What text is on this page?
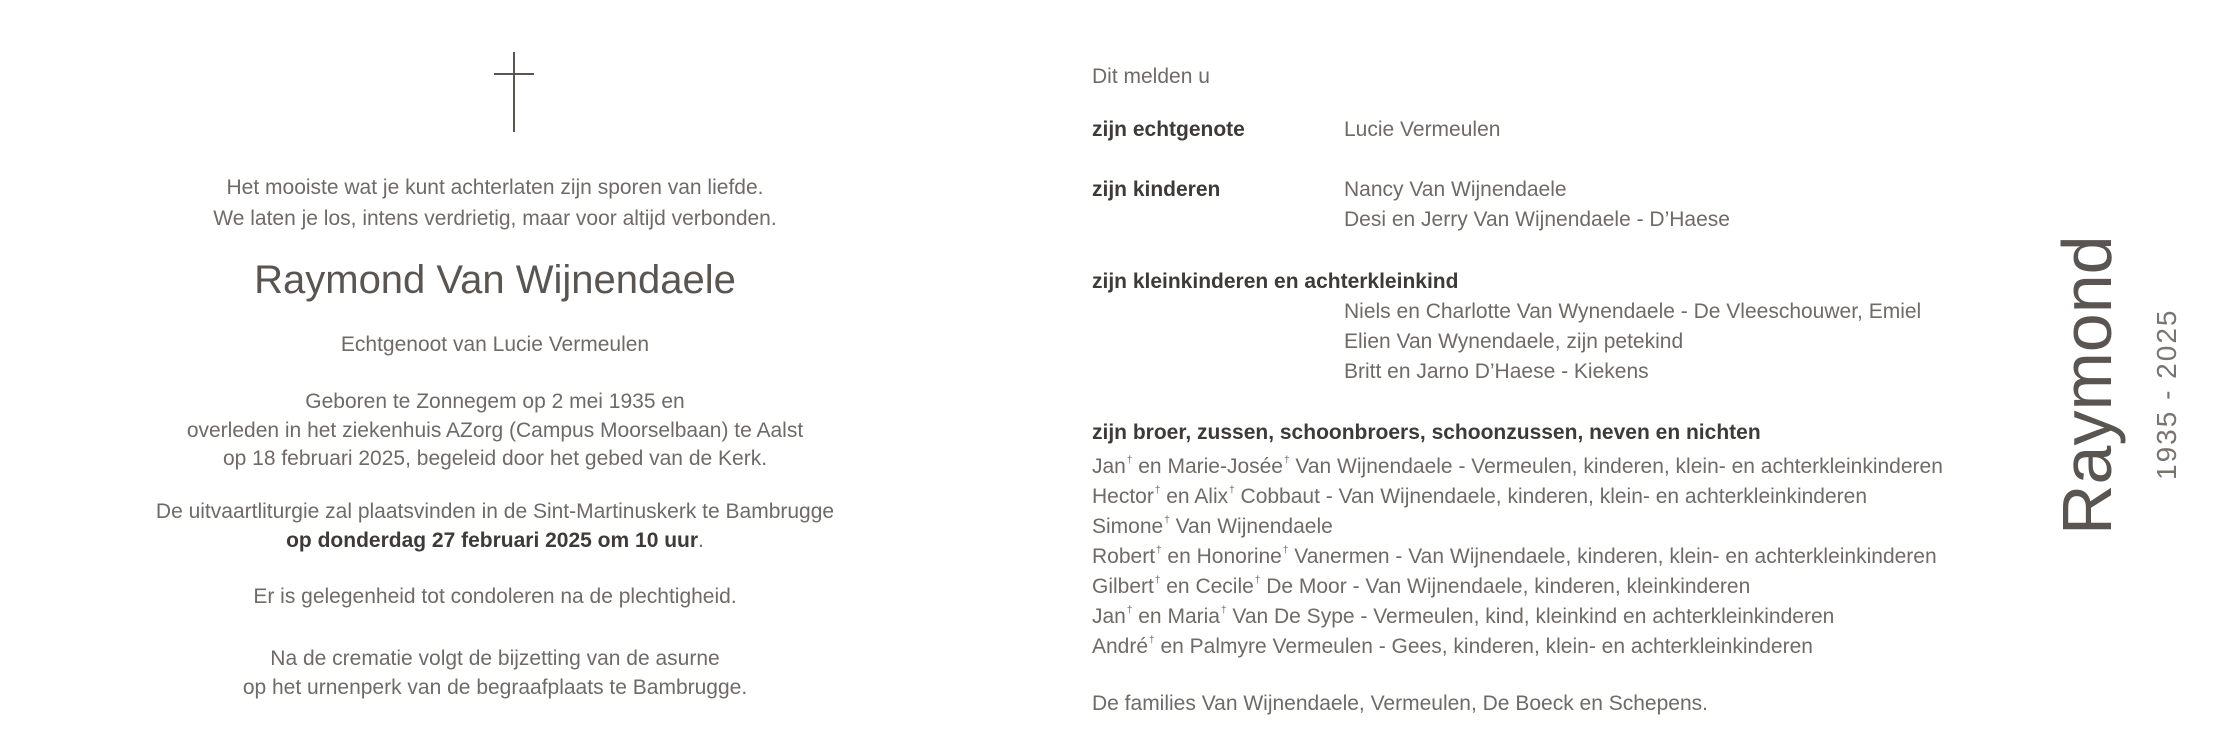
Het mooiste wat je kunt achterlaten zijn sporen van liefde.
We laten je los, intens verdrietig, maar voor altijd verbonden.
Raymond Van Wijnendaele
Echtgenoot van Lucie Vermeulen
Geboren te Zonnegem op 2 mei 1935 en
overleden in het ziekenhuis AZorg (Campus Moorselbaan) te Aalst
op 18 februari 2025, begeleid door het gebed van de Kerk.
De uitvaartliturgie zal plaatsvinden in de Sint-Martinuskerk te Bambrugge
op donderdag 27 februari 2025 om 10 uur.
Er is gelegenheid tot condoleren na de plechtigheid.
Na de crematie volgt de bijzetting van de asurne
op het urnenperk van de begraafplaats te Bambrugge.
Dit melden u
zijn echtgenote	Lucie Vermeulen
zijn kinderen	Nancy Van Wijnendaele
Desi en Jerry Van Wijnendaele - D’Haese
zijn kleinkinderen en achterkleinkind
Niels en Charlotte Van Wynendaele - De Vleeschouwer, Emiel
Elien Van Wynendaele, zijn petekind
Britt en Jarno D’Haese - Kiekens
zijn broer, zussen, schoonbroers, schoonzussen, neven en nichten
Jan† en Marie-Josée† Van Wijnendaele - Vermeulen, kinderen, klein- en achterkleinkinderen
Hector† en Alix† Cobbaut - Van Wijnendaele, kinderen, klein- en achterkleinkinderen
Simone† Van Wijnendaele
Robert† en Honorine† Vanermen - Van Wijnendaele, kinderen, klein- en achterkleinkinderen
Gilbert† en Cecile† De Moor - Van Wijnendaele, kinderen, kleinkinderen
Jan† en Maria† Van De Sype - Vermeulen, kind, kleinkind en achterkleinkinderen
André† en Palmyre Vermeulen - Gees, kinderen, klein- en achterkleinkinderen
De families Van Wijnendaele, Vermeulen, De Boeck en Schepens.
Raymond 1935 - 2025
